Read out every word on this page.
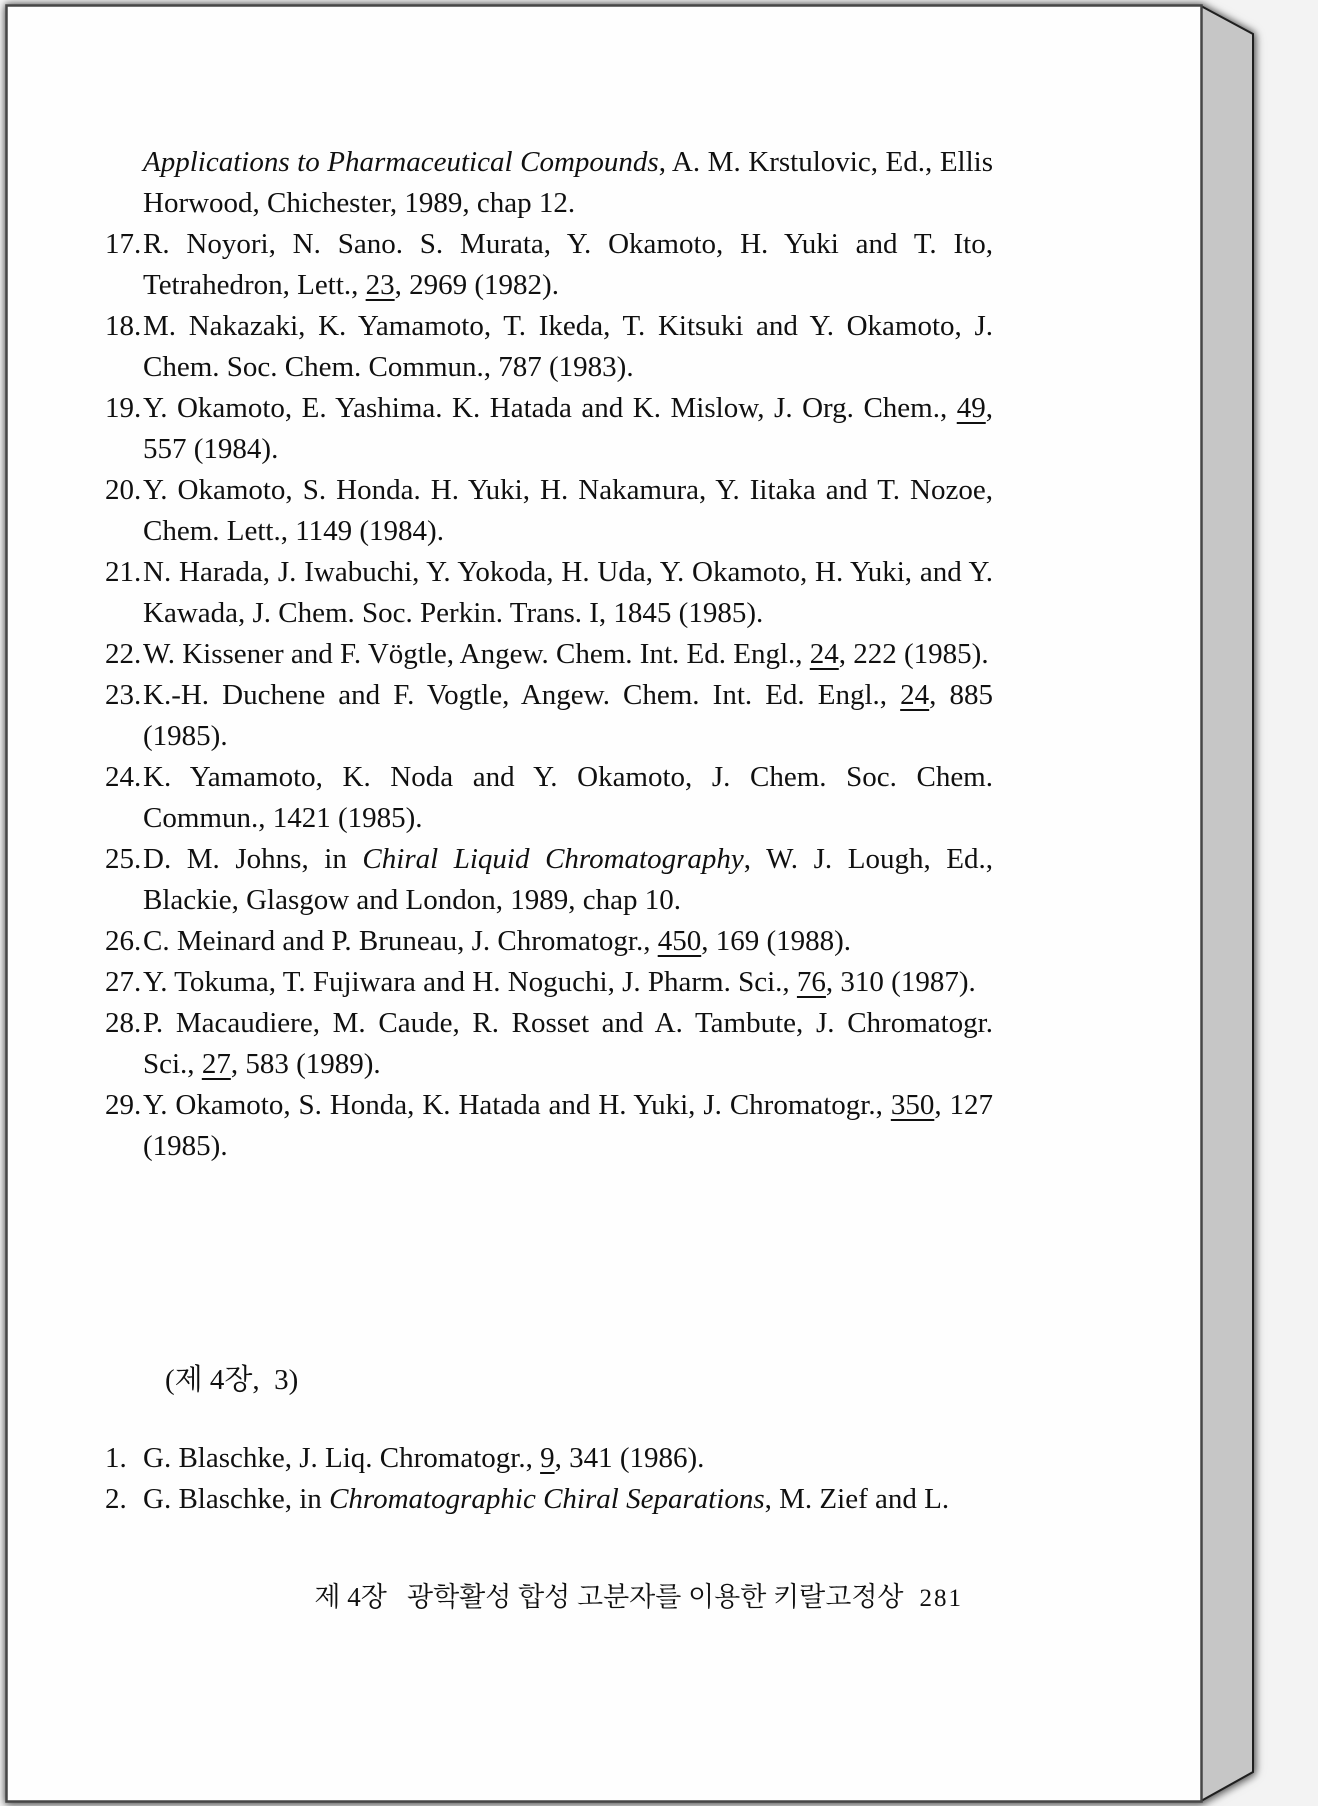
Applications to Pharmaceutical Compounds, A. M. Krstulovic, Ed., Ellis Horwood, Chichester, 1989, chap 12.
17.R. Noyori, N. Sano. S. Murata, Y. Okamoto, H. Yuki and T. Ito, Tetrahedron, Lett., 23, 2969 (1982).
18.M. Nakazaki, K. Yamamoto, T. Ikeda, T. Kitsuki and Y. Okamoto, J. Chem. Soc. Chem. Commun., 787 (1983).
19.Y. Okamoto, E. Yashima. K. Hatada and K. Mislow, J. Org. Chem., 49, 557 (1984).
20.Y. Okamoto, S. Honda. H. Yuki, H. Nakamura, Y. Iitaka and T. Nozoe, Chem. Lett., 1149 (1984).
21.N. Harada, J. Iwabuchi, Y. Yokoda, H. Uda, Y. Okamoto, H. Yuki, and Y. Kawada, J. Chem. Soc. Perkin. Trans. I, 1845 (1985).
22.W. Kissener and F. Vögtle, Angew. Chem. Int. Ed. Engl., 24, 222 (1985).
23.K.-H. Duchene and F. Vogtle, Angew. Chem. Int. Ed. Engl., 24, 885 (1985).
24.K. Yamamoto, K. Noda and Y. Okamoto, J. Chem. Soc. Chem. Commun., 1421 (1985).
25.D. M. Johns, in Chiral Liquid Chromatography, W. J. Lough, Ed., Blackie, Glasgow and London, 1989, chap 10.
26.C. Meinard and P. Bruneau, J. Chromatogr., 450, 169 (1988).
27.Y. Tokuma, T. Fujiwara and H. Noguchi, J. Pharm. Sci., 76, 310 (1987).
28.P. Macaudiere, M. Caude, R. Rosset and A. Tambute, J. Chromatogr. Sci., 27, 583 (1989).
29.Y. Okamoto, S. Honda, K. Hatada and H. Yuki, J. Chromatogr., 350, 127 (1985).
(제 4장,  3)
1. G. Blaschke, J. Liq. Chromatogr., 9, 341 (1986).
2. G. Blaschke, in Chromatographic Chiral Separations, M. Zief and L.
제 4장   광학활성 합성 고분자를 이용한 키랄고정상 281
